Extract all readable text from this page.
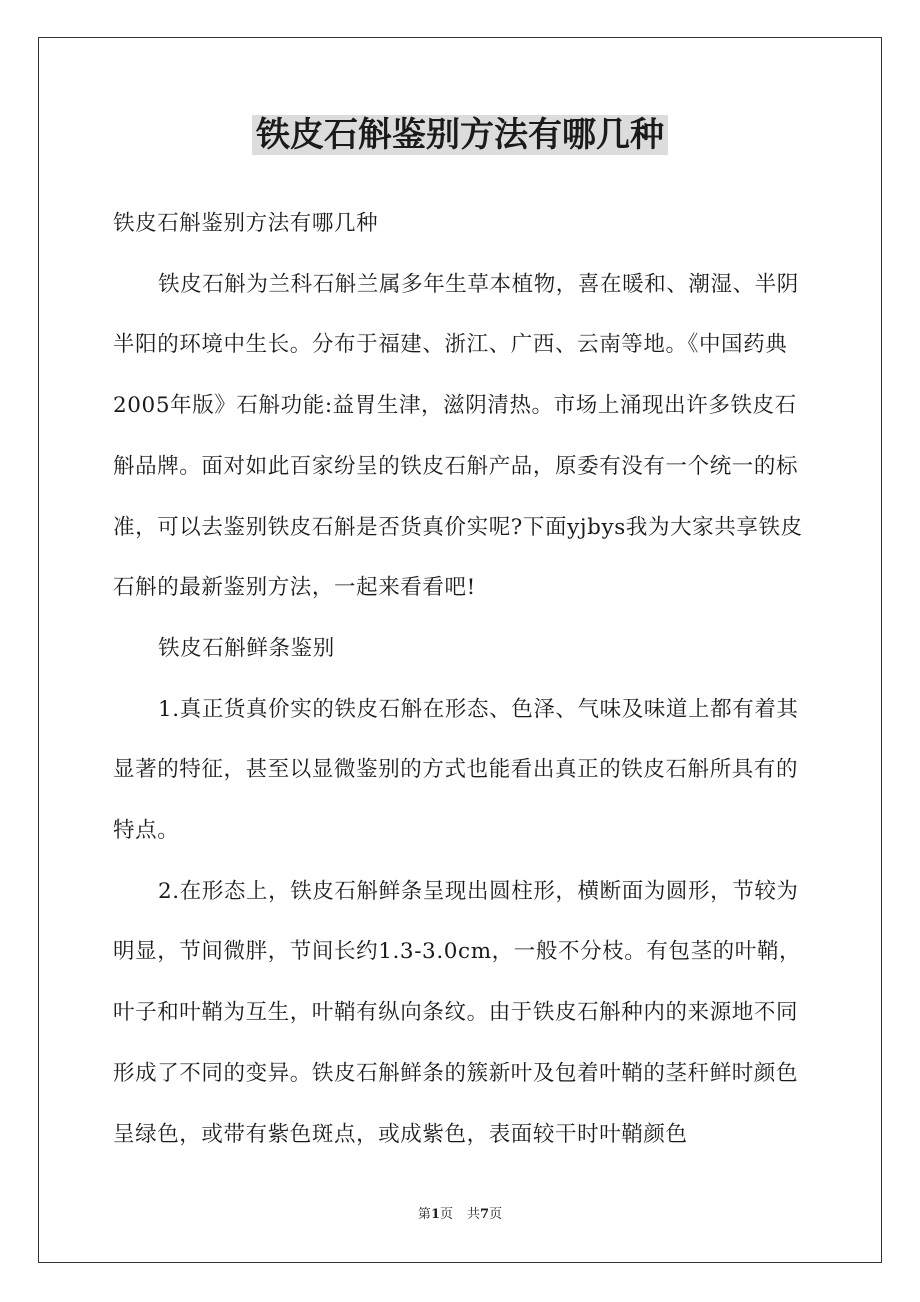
铁皮石斛鉴别方法有哪几种

铁皮石斛鉴别方法有哪几种

铁皮石斛为兰科石斛兰属多年生草本植物，喜在暖和、潮湿、半阴半阳的环境中生长。分布于福建、浙江、广西、云南等地。《中国药典2005年版》石斛功能:益胃生津，滋阴清热。市场上涌现出许多铁皮石斛品牌。面对如此百家纷呈的铁皮石斛产品，原委有没有一个统一的标准，可以去鉴别铁皮石斛是否货真价实呢?下面yjbys我为大家共享铁皮石斛的最新鉴别方法，一起来看看吧!

铁皮石斛鲜条鉴别

1.真正货真价实的铁皮石斛在形态、色泽、气味及味道上都有着其显著的特征，甚至以显微鉴别的方式也能看出真正的铁皮石斛所具有的特点。

2.在形态上，铁皮石斛鲜条呈现出圆柱形，横断面为圆形，节较为明显，节间微胖，节间长约1.3-3.0cm，一般不分枝。有包茎的叶鞘，叶子和叶鞘为互生，叶鞘有纵向条纹。由于铁皮石斛种内的来源地不同形成了不同的变异。铁皮石斛鲜条的簇新叶及包着叶鞘的茎秆鲜时颜色呈绿色，或带有紫色斑点，或成紫色，表面较干时叶鞘颜色

第1页 共7页
